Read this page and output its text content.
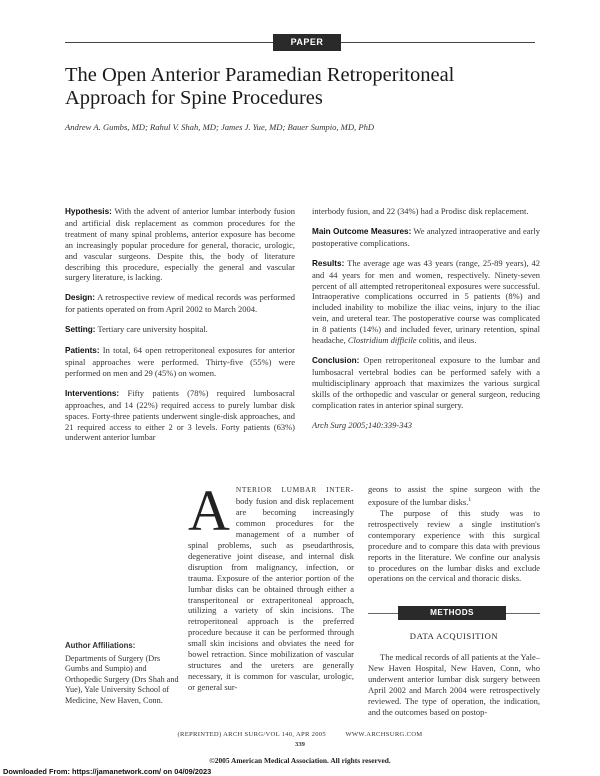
PAPER
The Open Anterior Paramedian Retroperitoneal Approach for Spine Procedures
Andrew A. Gumbs, MD; Rahul V. Shah, MD; James J. Yue, MD; Bauer Sumpio, MD, PhD

Hypothesis: With the advent of anterior lumbar interbody fusion and artificial disk replacement as common procedures for the treatment of many spinal problems, anterior exposure has become an increasingly popular procedure for general, thoracic, urologic, and vascular surgeons. Despite this, the body of literature describing this procedure, especially the general and vascular surgery literature, is lacking.

Design: A retrospective review of medical records was performed for patients operated on from April 2002 to March 2004.

Setting: Tertiary care university hospital.

Patients: In total, 64 open retroperitoneal exposures for anterior spinal approaches were performed. Thirty-five (55%) were performed on men and 29 (45%) on women.

Interventions: Fifty patients (78%) required lumbosacral approaches, and 14 (22%) required access to purely lumbar disk spaces. Forty-three patients underwent single-disk approaches, and 21 required access to either 2 or 3 levels. Forty patients (63%) underwent anterior lumbar

interbody fusion, and 22 (34%) had a Prodisc disk replacement.

Main Outcome Measures: We analyzed intraoperative and early postoperative complications.

Results: The average age was 43 years (range, 25-89 years), 42 and 44 years for men and women, respectively. Ninety-seven percent of all attempted retroperitoneal exposures were successful. Intraoperative complications occurred in 5 patients (8%) and included inability to mobilize the iliac veins, injury to the iliac vein, and ureteral tear. The postoperative course was complicated in 8 patients (14%) and included fever, urinary retention, spinal headache, Clostridium difficile colitis, and ileus.

Conclusion: Open retroperitoneal exposure to the lumbar and lumbosacral vertebral bodies can be performed safely with a multidisciplinary approach that maximizes the various surgical skills of the orthopedic and vascular or general surgeon, reducing complication rates in anterior spinal surgery.

Arch Surg 2005;140:339-343

ANTERIOR LUMBAR INTER- body fusion and disk replacement are becoming increasingly common procedures for the management of a number of spinal problems, such as pseudarthrosis, degenerative joint disease, and internal disk disruption from malignancy, infection, or trauma. Exposure of the anterior portion of the lumbar disks can be obtained through either a transperitoneal or extraperitoneal approach, utilizing a variety of skin incisions. The retroperitoneal approach is the preferred procedure because it can be performed through small skin incisions and obviates the need for bowel retraction. Since mobilization of vascular structures and the ureters are generally necessary, it is common for vascular, urologic, or general sur-

geons to assist the spine surgeon with the exposure of the lumbar disks.$^1$

The purpose of this study was to retrospectively review a single institution's contemporary experience with this surgical procedure and to compare this data with previous reports in the literature. We confine our analysis to procedures on the lumbar disks and exclude operations on the cervical and thoracic disks.

METHODS
DATA ACQUISITION

The medical records of all patients at the Yale–New Haven Hospital, New Haven, Conn, who underwent anterior lumbar disk surgery between April 2002 and March 2004 were retrospectively reviewed. The type of operation, the indication, and the outcomes based on postop-

Author Affiliations:
Departments of Surgery (Drs Gumbs and Sumpio) and Orthopedic Surgery (Drs Shah and Yue), Yale University School of Medicine, New Haven, Conn.
(REPRINTED) ARCH SURG/VOL 140, APR 2005          WWW.ARCHSURG.COM
339
©2005 American Medical Association. All rights reserved.
Downloaded From: https://jamanetwork.com/ on 04/09/2023
